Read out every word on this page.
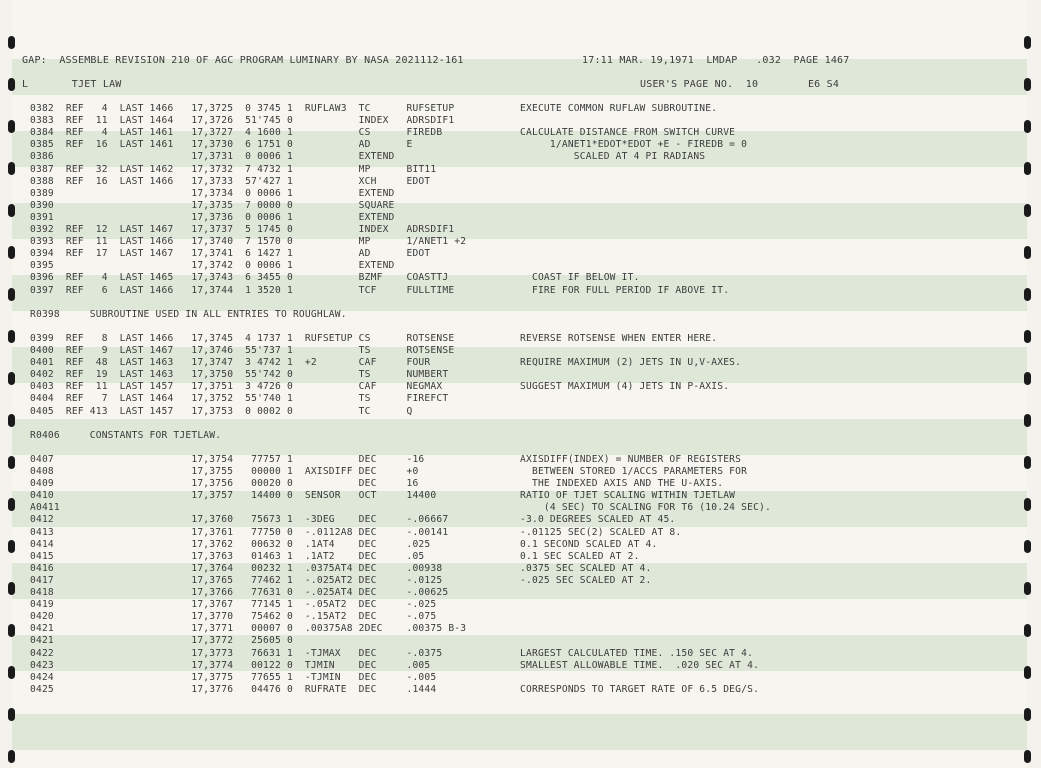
GAP:  ASSEMBLE REVISION 210 OF AGC PROGRAM LUMINARY BY NASA 2021112-161	17:11 MAR. 19,1971  LMDAP   .032  PAGE 1467
L       TJET LAW	USER'S PAGE NO.  10        E6 S4
0382  REF   4  LAST 1466   17,3725  0 3745 1  RUFLAW3  TC      RUFSETUP           EXECUTE COMMON RUFLAW SUBROUTINE.
0383  REF  11  LAST 1464   17,3726  51'745 0           INDEX   ADRSDIF1
0384  REF   4  LAST 1461   17,3727  4 1600 1           CS      FIREDB             CALCULATE DISTANCE FROM SWITCH CURVE
0385  REF  16  LAST 1461   17,3730  6 1751 0           AD      E                       1/ANET1*EDOT*EDOT +E - FIREDB = 0
0386                       17,3731  0 0006 1           EXTEND                              SCALED AT 4 PI RADIANS
0387  REF  32  LAST 1462   17,3732  7 4732 1           MP      BIT11
0388  REF  16  LAST 1466   17,3733  57'427 1           XCH     EDOT
0389                       17,3734  0 0006 1           EXTEND
0390                       17,3735  7 0000 0           SQUARE
0391                       17,3736  0 0006 1           EXTEND
0392  REF  12  LAST 1467   17,3737  5 1745 0           INDEX   ADRSDIF1
0393  REF  11  LAST 1466   17,3740  7 1570 0           MP      1/ANET1 +2
0394  REF  17  LAST 1467   17,3741  6 1427 1           AD      EDOT
0395                       17,3742  0 0006 1           EXTEND
0396  REF   4  LAST 1465   17,3743  6 3455 0           BZMF    COASTTJ              COAST IF BELOW IT.
0397  REF   6  LAST 1466   17,3744  1 3520 1           TCF     FULLTIME             FIRE FOR FULL PERIOD IF ABOVE IT.
R0398     SUBROUTINE USED IN ALL ENTRIES TO ROUGHLAW.
0399  REF   8  LAST 1466   17,3745  4 1737 1  RUFSETUP CS      ROTSENSE           REVERSE ROTSENSE WHEN ENTER HERE.
0400  REF   9  LAST 1467   17,3746  55'737 1           TS      ROTSENSE
0401  REF  48  LAST 1463   17,3747  3 4742 1  +2       CAF     FOUR               REQUIRE MAXIMUM (2) JETS IN U,V-AXES.
0402  REF  19  LAST 1463   17,3750  55'742 0           TS      NUMBERT
0403  REF  11  LAST 1457   17,3751  3 4726 0           CAF     NEGMAX             SUGGEST MAXIMUM (4) JETS IN P-AXIS.
0404  REF   7  LAST 1464   17,3752  55'740 1           TS      FIREFCT
0405  REF 413  LAST 1457   17,3753  0 0002 0           TC      Q
R0406     CONSTANTS FOR TJETLAW.
0407                       17,3754   77757 1           DEC     -16                AXISDIFF(INDEX) = NUMBER OF REGISTERS
0408                       17,3755   00000 1  AXISDIFF DEC     +0                   BETWEEN STORED 1/ACCS PARAMETERS FOR
0409                       17,3756   00020 0           DEC     16                   THE INDEXED AXIS AND THE U-AXIS.
0410                       17,3757   14400 0  SENSOR   OCT     14400              RATIO OF TJET SCALING WITHIN TJETLAW
A0411                                                                                 (4 SEC) TO SCALING FOR T6 (10.24 SEC).
0412                       17,3760   75673 1  -3DEG    DEC     -.06667            -3.0 DEGREES SCALED AT 45.
0413                       17,3761   77750 0  -.0112A8 DEC     -.00141            -.01125 SEC(2) SCALED AT 8.
0414                       17,3762   00632 0  .1AT4    DEC     .025               0.1 SECOND SCALED AT 4.
0415                       17,3763   01463 1  .1AT2    DEC     .05                0.1 SEC SCALED AT 2.
0416                       17,3764   00232 1  .0375AT4 DEC     .00938             .0375 SEC SCALED AT 4.
0417                       17,3765   77462 1  -.025AT2 DEC     -.0125             -.025 SEC SCALED AT 2.
0418                       17,3766   77631 0  -.025AT4 DEC     -.00625
0419                       17,3767   77145 1  -.05AT2  DEC     -.025
0420                       17,3770   75462 0  -.15AT2  DEC     -.075
0421                       17,3771   00007 0  .00375A8 2DEC    .00375 B-3
0421                       17,3772   25605 0
0422                       17,3773   76631 1  -TJMAX   DEC     -.0375             LARGEST CALCULATED TIME. .150 SEC AT 4.
0423                       17,3774   00122 0  TJMIN    DEC     .005               SMALLEST ALLOWABLE TIME.  .020 SEC AT 4.
0424                       17,3775   77655 1  -TJMIN   DEC     -.005
0425                       17,3776   04476 0  RUFRATE  DEC     .1444              CORRESPONDS TO TARGET RATE OF 6.5 DEG/S.
